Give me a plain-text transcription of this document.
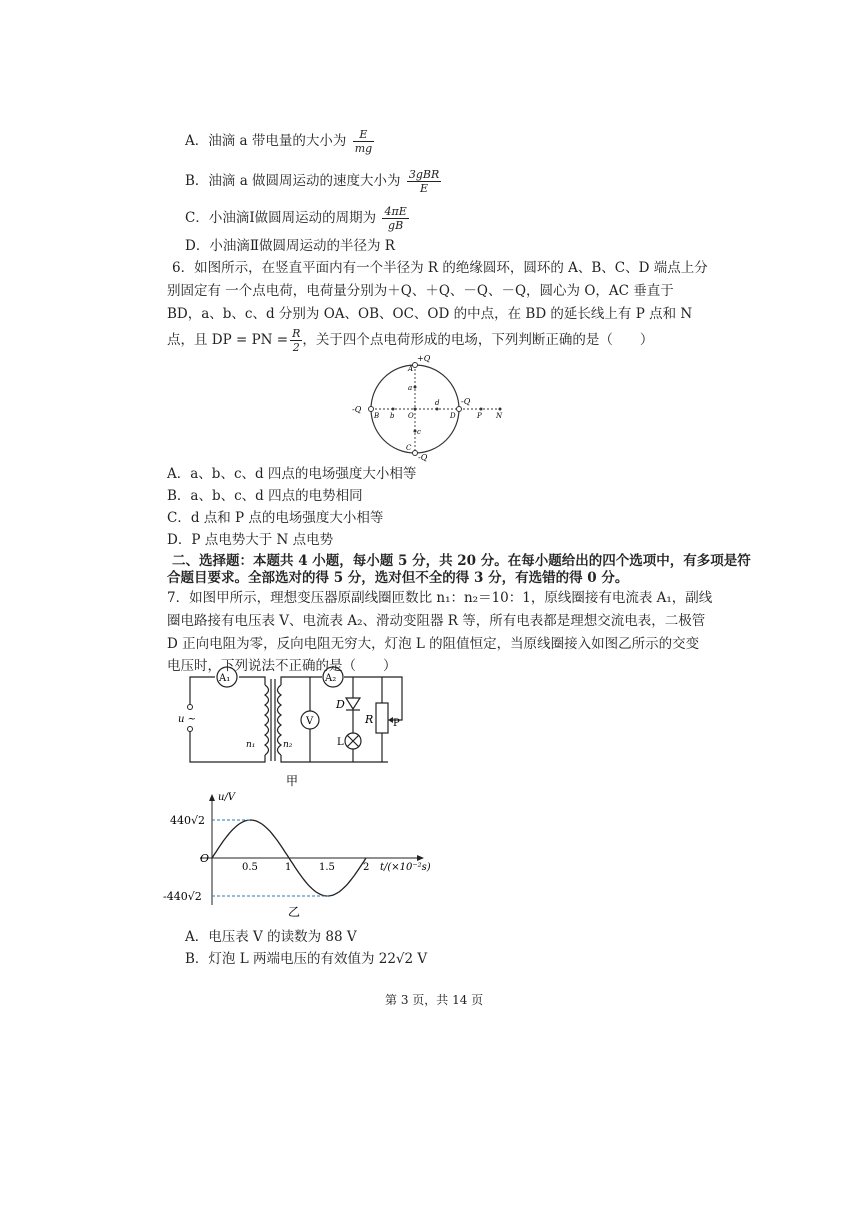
A．油滴 a 带电量的大小为 $\frac{E}{mg}$
B．油滴 a 做圆周运动的速度大小为 $\frac{\text{3gBR}}{E}$
C．小油滴Ⅰ做圆周运动的周期为 $\frac{4\pi E}{gB}$
D．小油滴Ⅱ做圆周运动的半径为 R
6．如图所示，在竖直平面内有一个半径为 R 的绝缘圆环，圆环的 A、B、C、D 端点上分
别固定有 一个点电荷，电荷量分别为＋Q、＋Q、－Q、－Q，圆心为 O，AC 垂直于
BD，a、b、c、d 分别为 OA、OB、OC、OD 的中点，在 BD 的延长线上有 P 点和 N
点，且 DP = PN = $\frac{R}{2}$ ，关于四个点电荷形成的电场，下列判断正确的是（　　）
+Q
A
-Q
B
C
-Q
-Q
D
O
a
b
c
d
P N
A．a、b、c、d 四点的电场强度大小相等
B．a、b、c、d 四点的电势相同
C．d 点和 P 点的电场强度大小相等
D．P 点电势大于 N 点电势
二、选择题：本题共 4 小题，每小题 5 分，共 20 分。在每小题给出的四个选项中，有多项是符
合题目要求。全部选对的得 5 分，选对但不全的得 3 分，有选错的得 0 分。
7．如图甲所示，理想变压器原副线圈匝数比 n₁：n₂＝10：1，原线圈接有电流表 A₁，副线
圈电路接有电压表 V、电流表 A₂、滑动变阻器 R 等，所有电表都是理想交流电表，二极管
D 正向电阻为零，反向电阻无穷大，灯泡 L 的阻值恒定，当原线圈接入如图乙所示的交变
电压时，下列说法不正确的是（　　）
A₁	A₂
V
D
R P
L
u ~
n₁	n₂
甲
u/V
t/(×10⁻²s)
440√2
-440√2
O
0.5	1	1.5	2
乙
A．电压表 V 的读数为 88 V
B．灯泡 L 两端电压的有效值为 22√2 V
第 3 页，共 14 页
